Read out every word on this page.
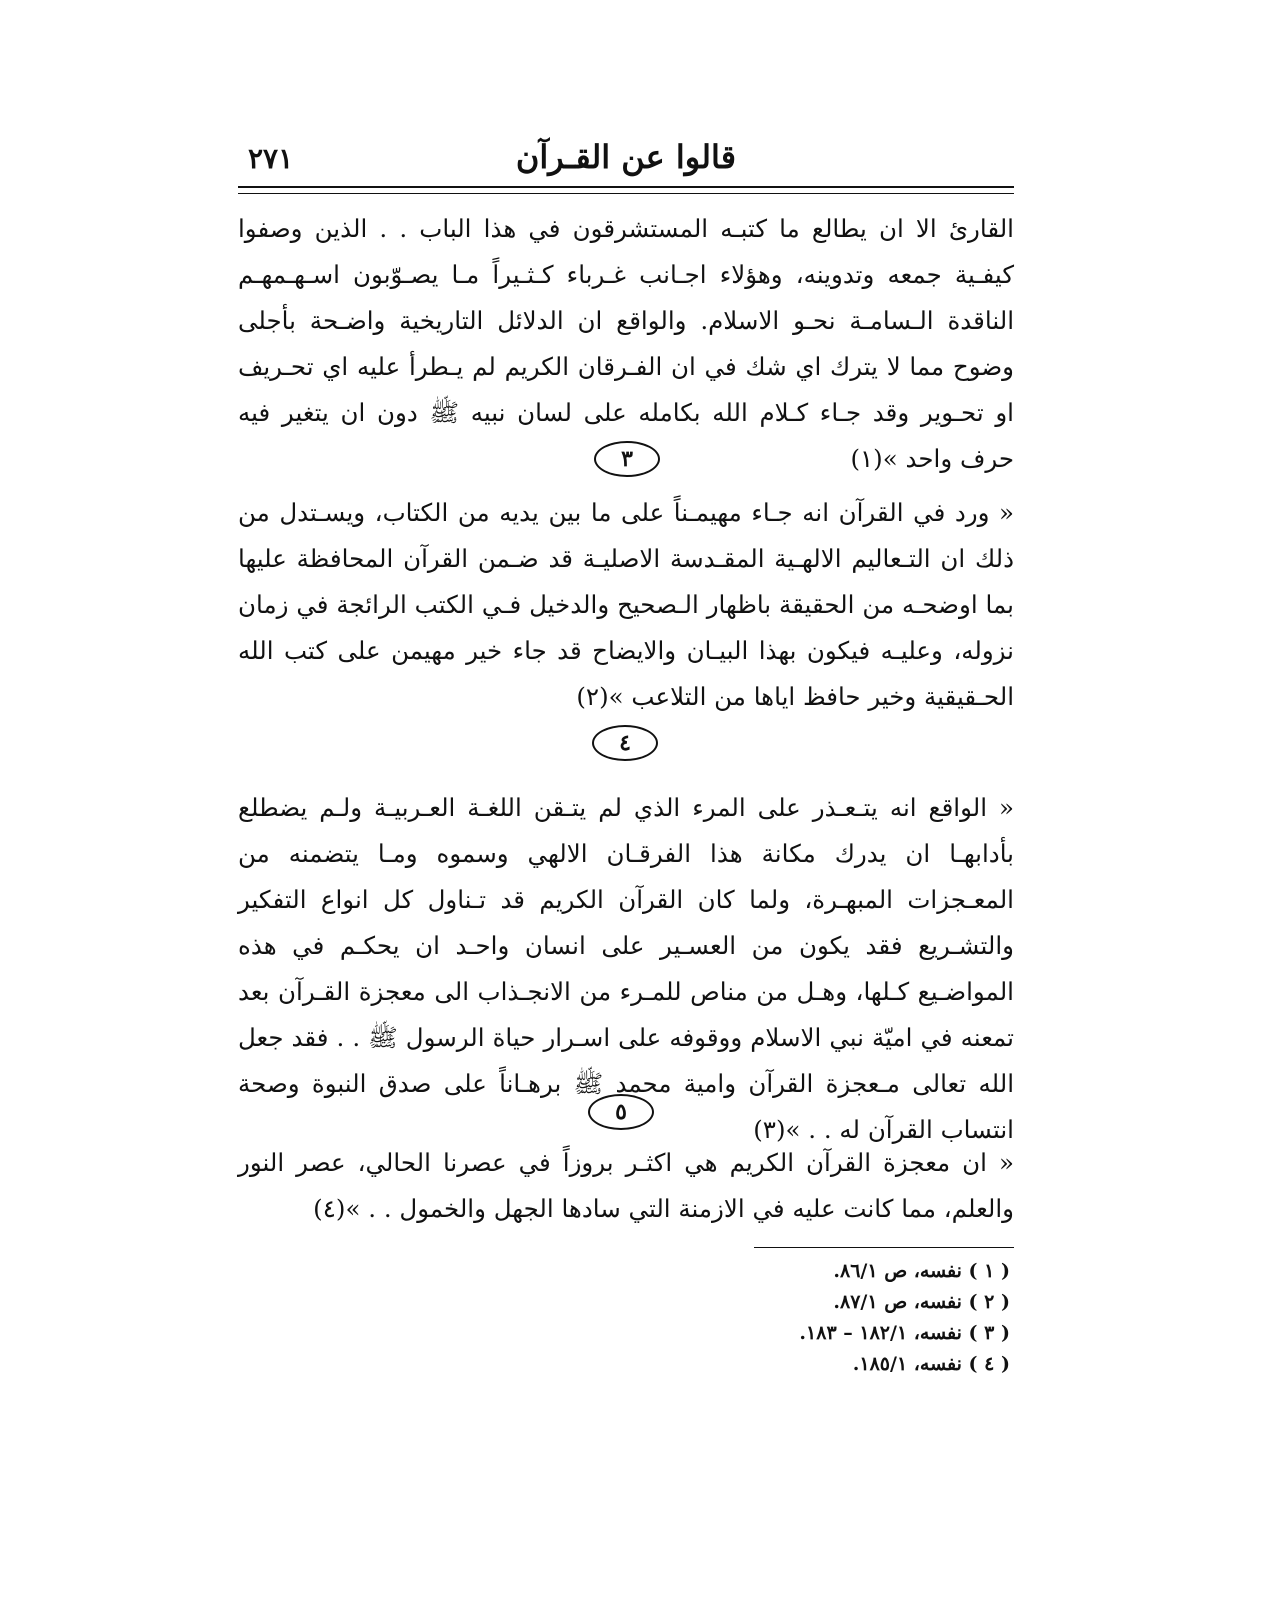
٢٧١	قالوا عن القـرآن

القارئ الا ان يطالع ما كتبـه المستشرقون في هذا الباب . . الذين وصفوا كيفـية جمعه وتدوينه، وهؤلاء اجـانب غـرباء كـثـيراً مـا يصـوّبون اسـهـمهـم الناقدة الـسامـة نحـو الاسلام. والواقع ان الدلائل التاريخية واضـحة بأجلى وضوح مما لا يترك اي شك في ان الفـرقان الكريم لم يـطرأ عليه اي تحـريف او تحـوير وقد جـاء كـلام الله بكامله على لسان نبيه ﷺ دون ان يتغير فيه حرف واحد »(١)

٣

« ورد في القرآن انه جـاء مهيمـناً على ما بين يديه من الكتاب، ويسـتدل من ذلك ان التـعاليم الالهـية المقـدسة الاصليـة قد ضـمن القرآن المحافظة عليها بما اوضحـه من الحقيقة باظهار الـصحيح والدخيل فـي الكتب الرائجة في زمان نزوله، وعليـه فيكون بهذا البيـان والايضاح قد جاء خير مهيمن على كتب الله الحـقيقية وخير حافظ اياها من التلاعب »(٢)

٤

« الواقع انه يتـعـذر على المرء الذي لم يتـقن اللغـة العـربيـة ولـم يضطلع بأدابهـا ان يدرك مكانة هذا الفرقـان الالهي وسموه ومـا يتضمنه من المعـجزات المبهـرة، ولما كان القرآن الكريم قد تـناول كل انواع التفكير والتشـريع فقد يكون من العسـير على انسان واحـد ان يحكـم في هذه المواضـيع كـلها، وهـل من مناص للمـرء من الانجـذاب الى معجزة القـرآن بعد تمعنه في اميّة نبي الاسلام ووقوفه على اسـرار حياة الرسول ﷺ . . فقد جعل الله تعالى مـعجزة القرآن وامية محمد ﷺ برهـاناً على صدق النبوة وصحة انتساب القرآن له . . »(٣)

٥

« ان معجزة القرآن الكريم هي اكثـر بروزاً في عصرنا الحالي، عصر النور والعلم، مما كانت عليه في الازمنة التي سادها الجهل والخمول . . »(٤)

( ١ ) نفسه، ص ٨٦/١.
( ٢ ) نفسه، ص ٨٧/١.
( ٣ ) نفسه، ١٨٢/١ – ١٨٣.
( ٤ ) نفسه، ١٨٥/١.
